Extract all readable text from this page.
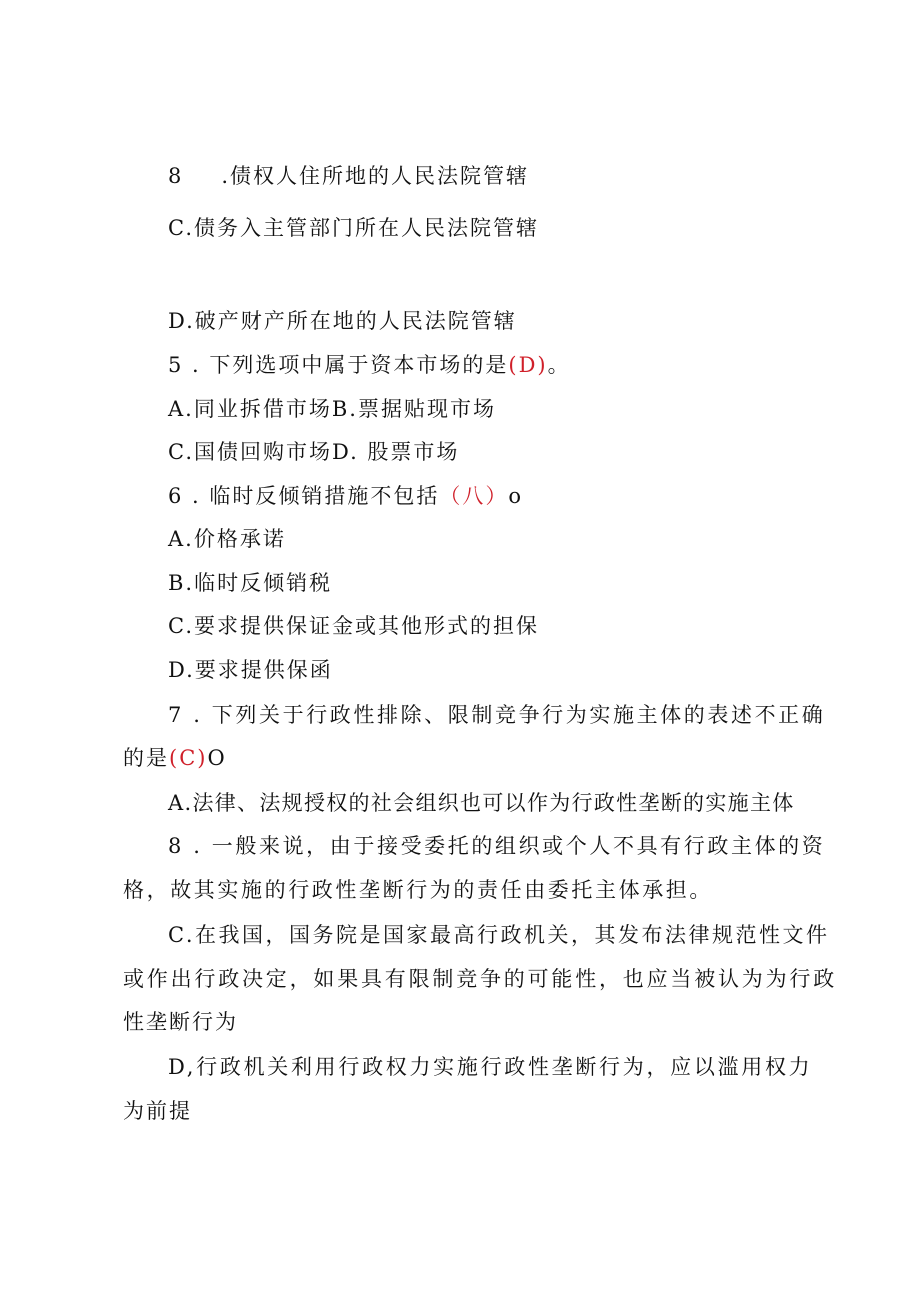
8 .债权人住所地的人民法院管辖
C.债务入主管部门所在人民法院管辖
D.破产财产所在地的人民法院管辖
5 . 下列选项中属于资本市场的是(D)。
A.同业拆借市场B.票据贴现市场
C.国债回购市场D. 股票市场
6 . 临时反倾销措施不包括（八）o
A.价格承诺
B.临时反倾销税
C.要求提供保证金或其他形式的担保
D.要求提供保函
7 . 下列关于行政性排除、限制竞争行为实施主体的表述不正确
的是(C)O
A.法律、法规授权的社会组织也可以作为行政性垄断的实施主体
8 . 一般来说，由于接受委托的组织或个人不具有行政主体的资
格，故其实施的行政性垄断行为的责任由委托主体承担。
C.在我国，国务院是国家最高行政机关，其发布法律规范性文件
或作出行政决定，如果具有限制竞争的可能性，也应当被认为为行政
性垄断行为
D,行政机关利用行政权力实施行政性垄断行为，应以滥用权力
为前提
